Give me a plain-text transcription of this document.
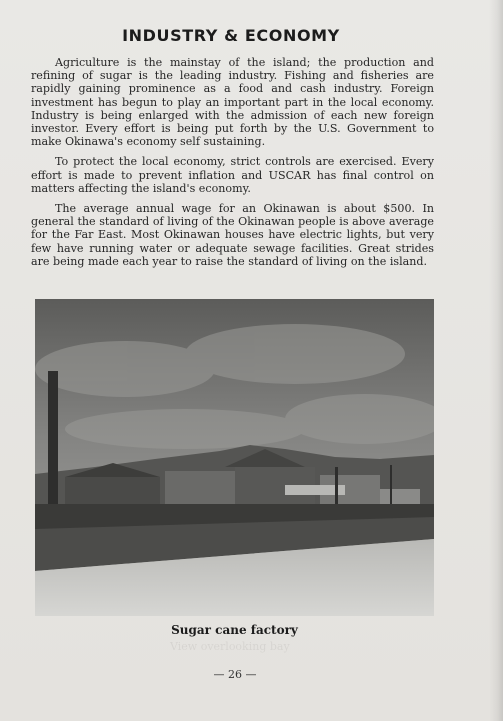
INDUSTRY & ECONOMY

Agriculture is the mainstay of the island; the production and refining of sugar is the leading industry. Fishing and fisheries are rapidly gaining prominence as a food and cash industry. Foreign investment has begun to play an important part in the local economy. Industry is being enlarged with the admission of each new foreign investor. Every effort is being put forth by the U.S. Government to make Okinawa's economy self sustaining.

To protect the local economy, strict controls are exercised. Every effort is made to prevent inflation and USCAR has final control on matters affecting the island's economy.

The average annual wage for an Okinawan is about $500. In general the standard of living of the Okinawan people is above average for the Far East. Most Okinawan houses have electric lights, but very few have running water or adequate sewage facilities. Great strides are being made each year to raise the standard of living on the island.

Sugar cane factory
View overlooking bay
— 26 —
